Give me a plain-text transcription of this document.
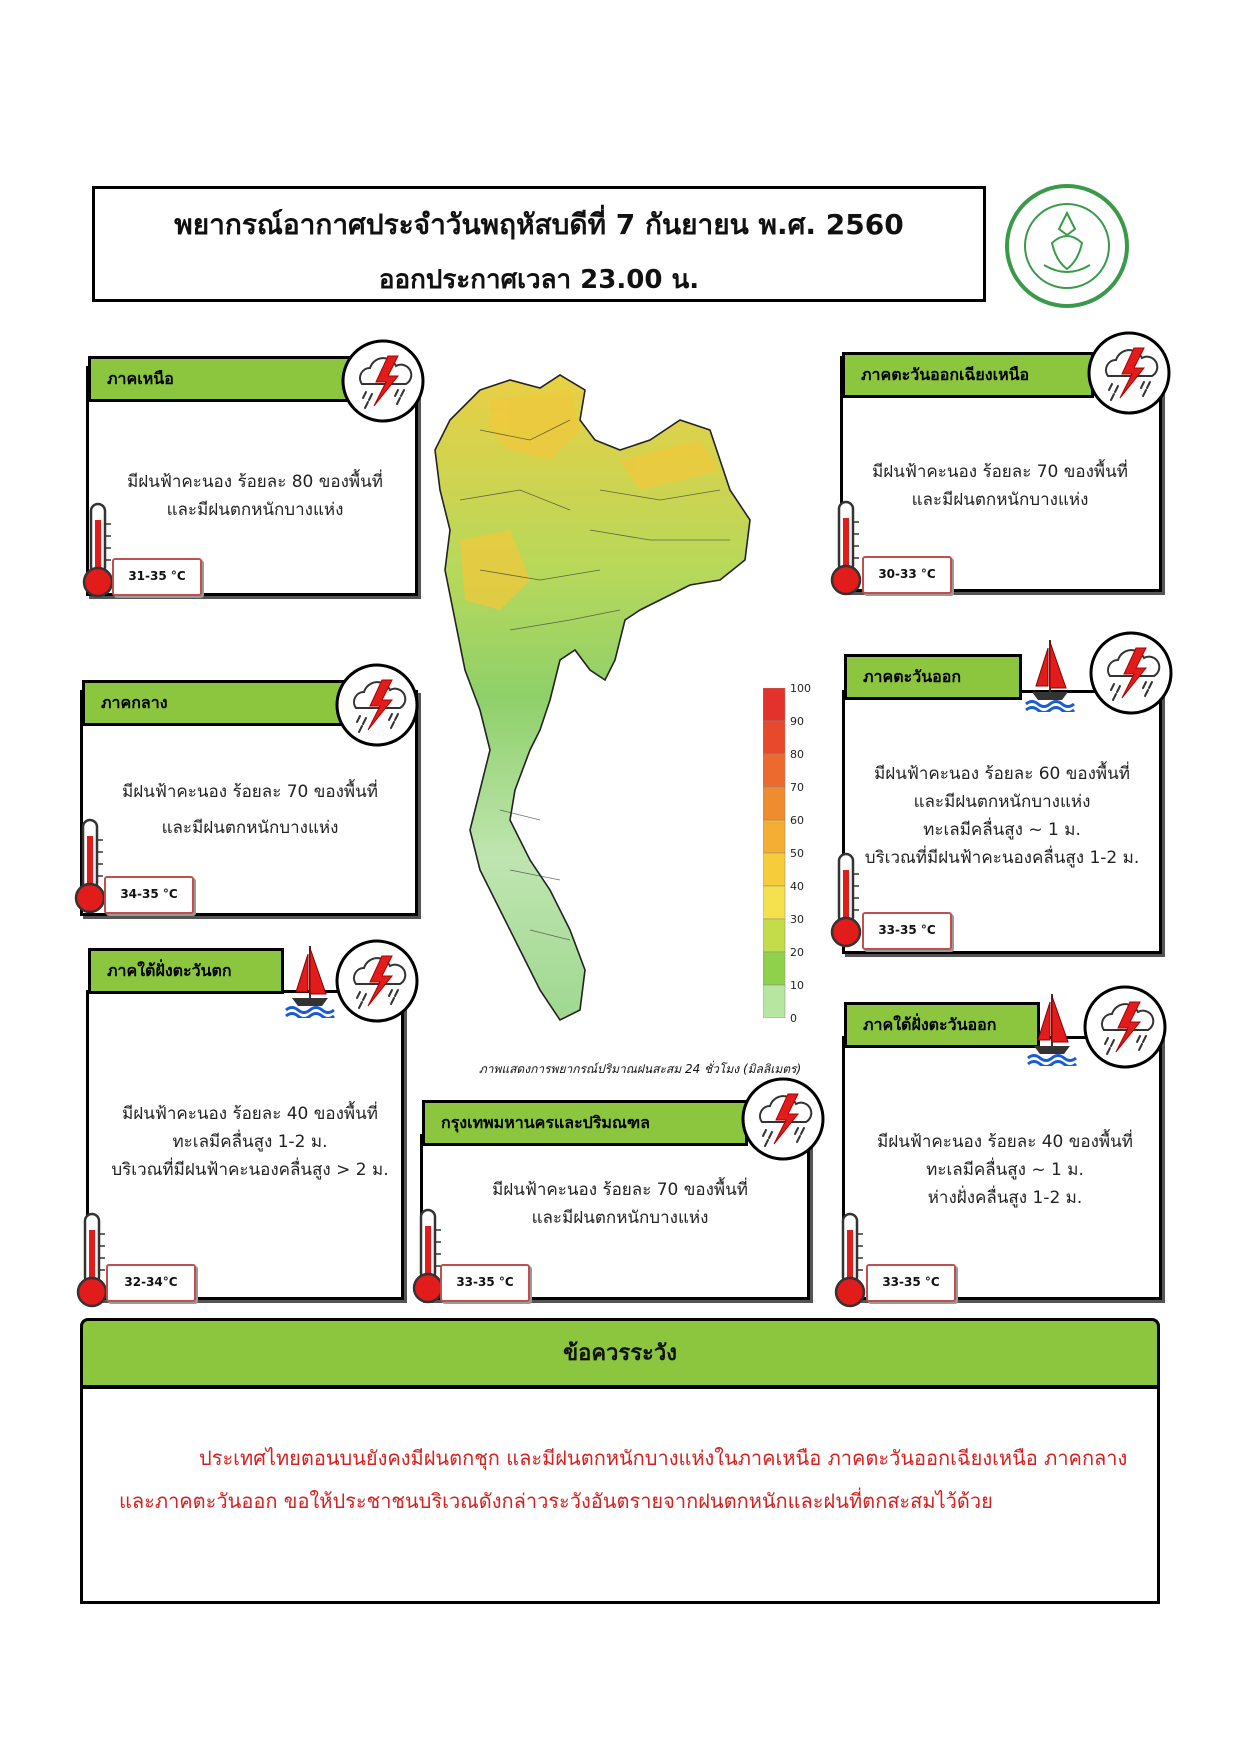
พยากรณ์อากาศประจำวันพฤหัสบดีที่ 7 กันยายน พ.ศ. 2560
ออกประกาศเวลา 23.00 น.
ภาคเหนือ
มีฝนฟ้าคะนอง ร้อยละ 80 ของพื้นที่
และมีฝนตกหนักบางแห่ง
31-35 °C
ภาคตะวันออกเฉียงเหนือ
มีฝนฟ้าคะนอง ร้อยละ 70 ของพื้นที่
และมีฝนตกหนักบางแห่ง
30-33 °C
ภาคกลาง
มีฝนฟ้าคะนอง ร้อยละ 70 ของพื้นที่
และมีฝนตกหนักบางแห่ง
34-35 °C
ภาคตะวันออก
มีฝนฟ้าคะนอง ร้อยละ 60 ของพื้นที่
และมีฝนตกหนักบางแห่ง
ทะเลมีคลื่นสูง ~ 1 ม.
บริเวณที่มีฝนฟ้าคะนองคลื่นสูง 1-2 ม.
33-35 °C
ภาคใต้ฝั่งตะวันตก
มีฝนฟ้าคะนอง ร้อยละ 40 ของพื้นที่
ทะเลมีคลื่นสูง 1-2 ม.
บริเวณที่มีฝนฟ้าคะนองคลื่นสูง > 2 ม.
32-34°C
กรุงเทพมหานครและปริมณฑล
มีฝนฟ้าคะนอง ร้อยละ 70 ของพื้นที่
และมีฝนตกหนักบางแห่ง
33-35 °C
ภาคใต้ฝั่งตะวันออก
มีฝนฟ้าคะนอง ร้อยละ 40 ของพื้นที่
ทะเลมีคลื่นสูง ~ 1 ม.
ห่างฝั่งคลื่นสูง 1-2 ม.
33-35 °C
100
90
80
70
60
50
40
30
20
10
0
ภาพแสดงการพยากรณ์ปริมาณฝนสะสม 24 ชั่วโมง (มิลลิเมตร)
ข้อควรระวัง
ประเทศไทยตอนบนยังคงมีฝนตกชุก และมีฝนตกหนักบางแห่งในภาคเหนือ ภาคตะวันออกเฉียงเหนือ ภาคกลาง และภาคตะวันออก ขอให้ประชาชนบริเวณดังกล่าวระวังอันตรายจากฝนตกหนักและฝนที่ตกสะสมไว้ด้วย
